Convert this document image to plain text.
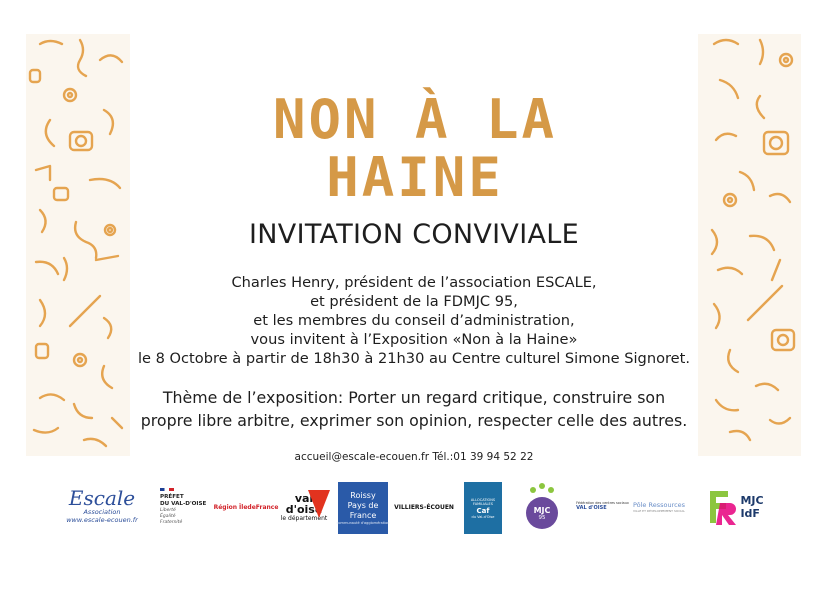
NON À LA
HAINE
INVITATION CONVIVIALE
Charles Henry, président de l’association ESCALE,
et président de la FDMJC 95,
et les membres du conseil d’administration,
vous invitent à l’Exposition «Non à la Haine»
le 8 Octobre à partir de 18h30 à 21h30 au Centre culturel Simone Signoret.
Thème de l’exposition: Porter un regard critique, construire son
propre libre arbitre, exprimer son opinion, respecter celle des autres.
accueil@escale-ecouen.fr Tél.:01 39 94 52 22
Escale
Association
www.escale-ecouen.fr
PRÉFET
DU VAL-D'OISE
Liberté
Égalité
Fraternité
Région ÎledeFrance
val
d'oise
le département
Roissy
Pays de
France
communauté d'agglomération
VILLIERS-ÉCOUEN
ALLOCATIONS
FAMILIALES
Caf
du Val-d'Oise
MJC
95
Fédération des centres sociaux
VAL d'OISE	Pôle Ressources
VILLE ET DÉVELOPPEMENT SOCIAL
MJC
IdF
